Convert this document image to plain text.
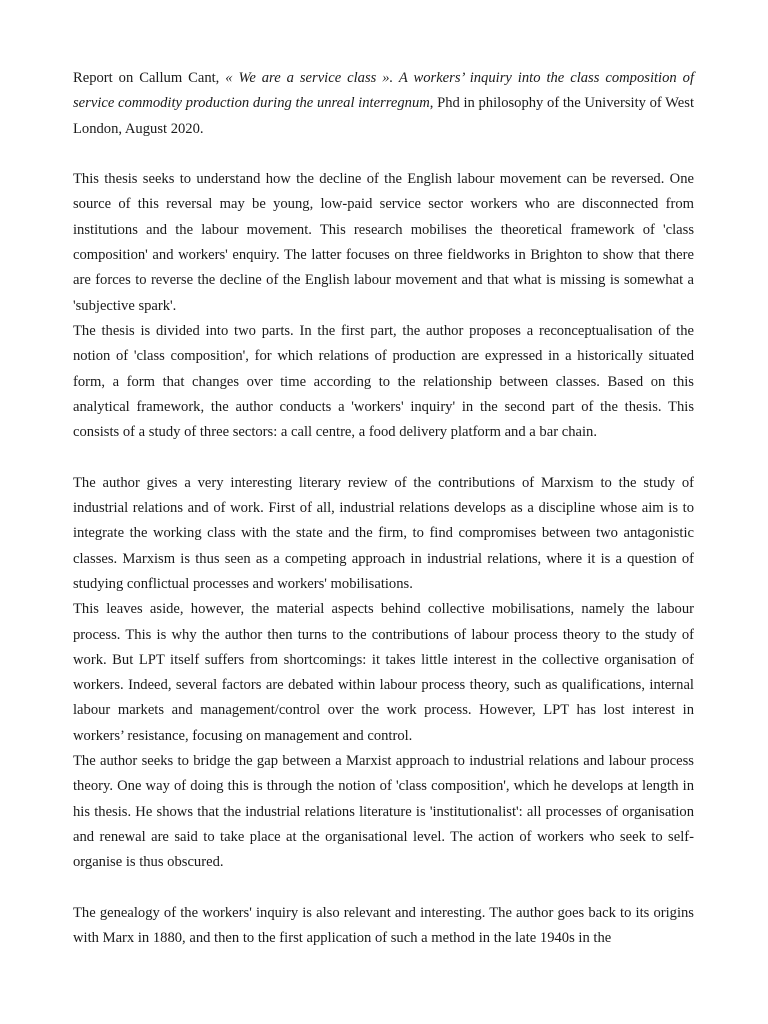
Report on Callum Cant, « We are a service class ». A workers’ inquiry into the class composition of service commodity production during the unreal interregnum, Phd in philosophy of the University of West London, August 2020.

This thesis seeks to understand how the decline of the English labour movement can be reversed. One source of this reversal may be young, low-paid service sector workers who are disconnected from institutions and the labour movement. This research mobilises the theoretical framework of 'class composition' and workers' enquiry. The latter focuses on three fieldworks in Brighton to show that there are forces to reverse the decline of the English labour movement and that what is missing is somewhat a 'subjective spark'.

The thesis is divided into two parts. In the first part, the author proposes a reconceptualisation of the notion of 'class composition', for which relations of production are expressed in a historically situated form, a form that changes over time according to the relationship between classes. Based on this analytical framework, the author conducts a 'workers' inquiry' in the second part of the thesis. This consists of a study of three sectors: a call centre, a food delivery platform and a bar chain.

The author gives a very interesting literary review of the contributions of Marxism to the study of industrial relations and of work. First of all, industrial relations develops as a discipline whose aim is to integrate the working class with the state and the firm, to find compromises between two antagonistic classes. Marxism is thus seen as a competing approach in industrial relations, where it is a question of studying conflictual processes and workers' mobilisations.

This leaves aside, however, the material aspects behind collective mobilisations, namely the labour process. This is why the author then turns to the contributions of labour process theory to the study of work. But LPT itself suffers from shortcomings: it takes little interest in the collective organisation of workers. Indeed, several factors are debated within labour process theory, such as qualifications, internal labour markets and management/control over the work process. However, LPT has lost interest in workers’ resistance, focusing on management and control.

The author seeks to bridge the gap between a Marxist approach to industrial relations and labour process theory. One way of doing this is through the notion of 'class composition', which he develops at length in his thesis. He shows that the industrial relations literature is 'institutionalist': all processes of organisation and renewal are said to take place at the organisational level. The action of workers who seek to self-organise is thus obscured.

The genealogy of the workers' inquiry is also relevant and interesting. The author goes back to its origins with Marx in 1880, and then to the first application of such a method in the late 1940s in the
